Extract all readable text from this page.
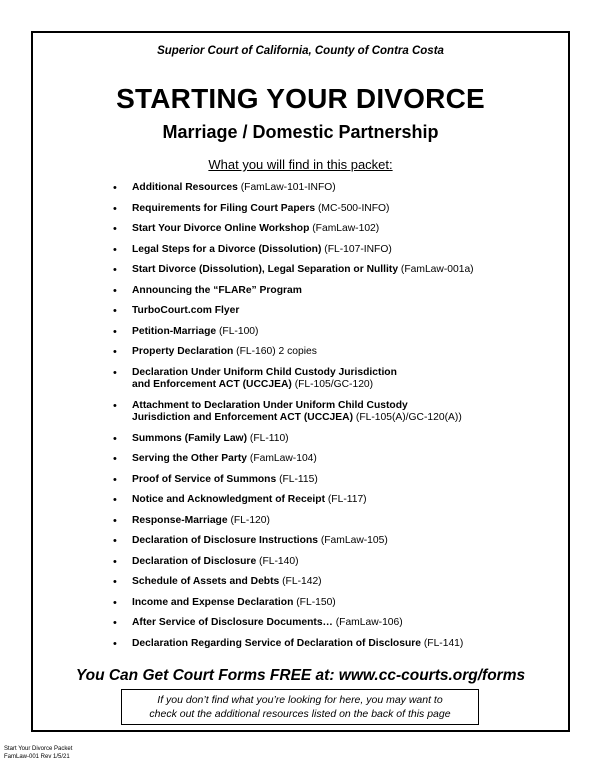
Superior Court of California, County of Contra Costa
STARTING YOUR DIVORCE
Marriage / Domestic Partnership
What you will find in this packet:
• Additional Resources (FamLaw-101-INFO)
• Requirements for Filing Court Papers (MC-500-INFO)
• Start Your Divorce Online Workshop (FamLaw-102)
• Legal Steps for a Divorce (Dissolution) (FL-107-INFO)
• Start Divorce (Dissolution), Legal Separation or Nullity (FamLaw-001a)
• Announcing the “FLARe” Program
• TurboCourt.com Flyer
• Petition-Marriage (FL-100)
• Property Declaration (FL-160) 2 copies
• Declaration Under Uniform Child Custody Jurisdiction
and Enforcement ACT (UCCJEA) (FL-105/GC-120)
• Attachment to Declaration Under Uniform Child Custody
Jurisdiction and Enforcement ACT (UCCJEA) (FL-105(A)/GC-120(A))
• Summons (Family Law) (FL-110)
• Serving the Other Party (FamLaw-104)
• Proof of Service of Summons (FL-115)
• Notice and Acknowledgment of Receipt (FL-117)
• Response-Marriage (FL-120)
• Declaration of Disclosure Instructions (FamLaw-105)
• Declaration of Disclosure (FL-140)
• Schedule of Assets and Debts (FL-142)
• Income and Expense Declaration (FL-150)
• After Service of Disclosure Documents… (FamLaw-106)
• Declaration Regarding Service of Declaration of Disclosure (FL-141)
You Can Get Court Forms FREE at: www.cc-courts.org/forms
If you don’t find what you’re looking for here, you may want to
check out the additional resources listed on the back of this page
Start Your Divorce Packet
FamLaw-001 Rev 1/5/21
